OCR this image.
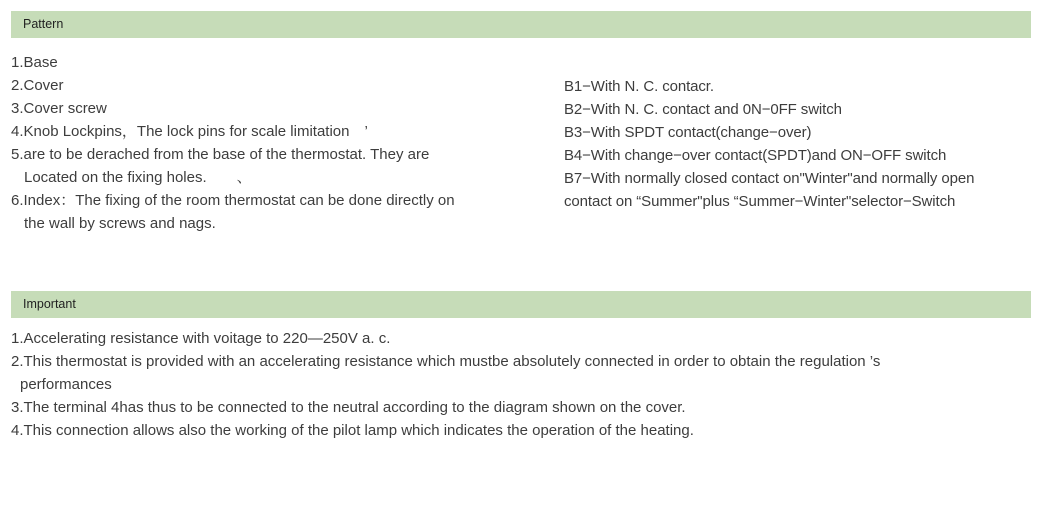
Pattern
1.Base
2.Cover
3.Cover screw
4.Knob Lockpins，The lock pins for scale limitation　’
5.are to be derached from the base of the thermostat. They are
Located on the fixing holes.　　、
6.Index：The fixing of the room thermostat can be done directly on
the wall by screws and nags.
B1−With N. C. contacr.
B2−With N. C. contact and 0N−0FF switch
B3−With SPDT contact(change−over)
B4−With change−over contact(SPDT)and ON−OFF switch
B7−With normally closed contact on"Winter"and normally open
contact on “Summer"plus “Summer−Winter"selector−Switch
Important
1.Accelerating resistance with voitage to 220—250V a. c.
2.This thermostat is provided with an accelerating resistance which mustbe absolutely connected in order to obtain the regulation ’s
performances
3.The terminal 4has thus to be connected to the neutral according to the diagram shown on the cover.
4.This connection allows also the working of the pilot lamp which indicates the operation of the heating.
